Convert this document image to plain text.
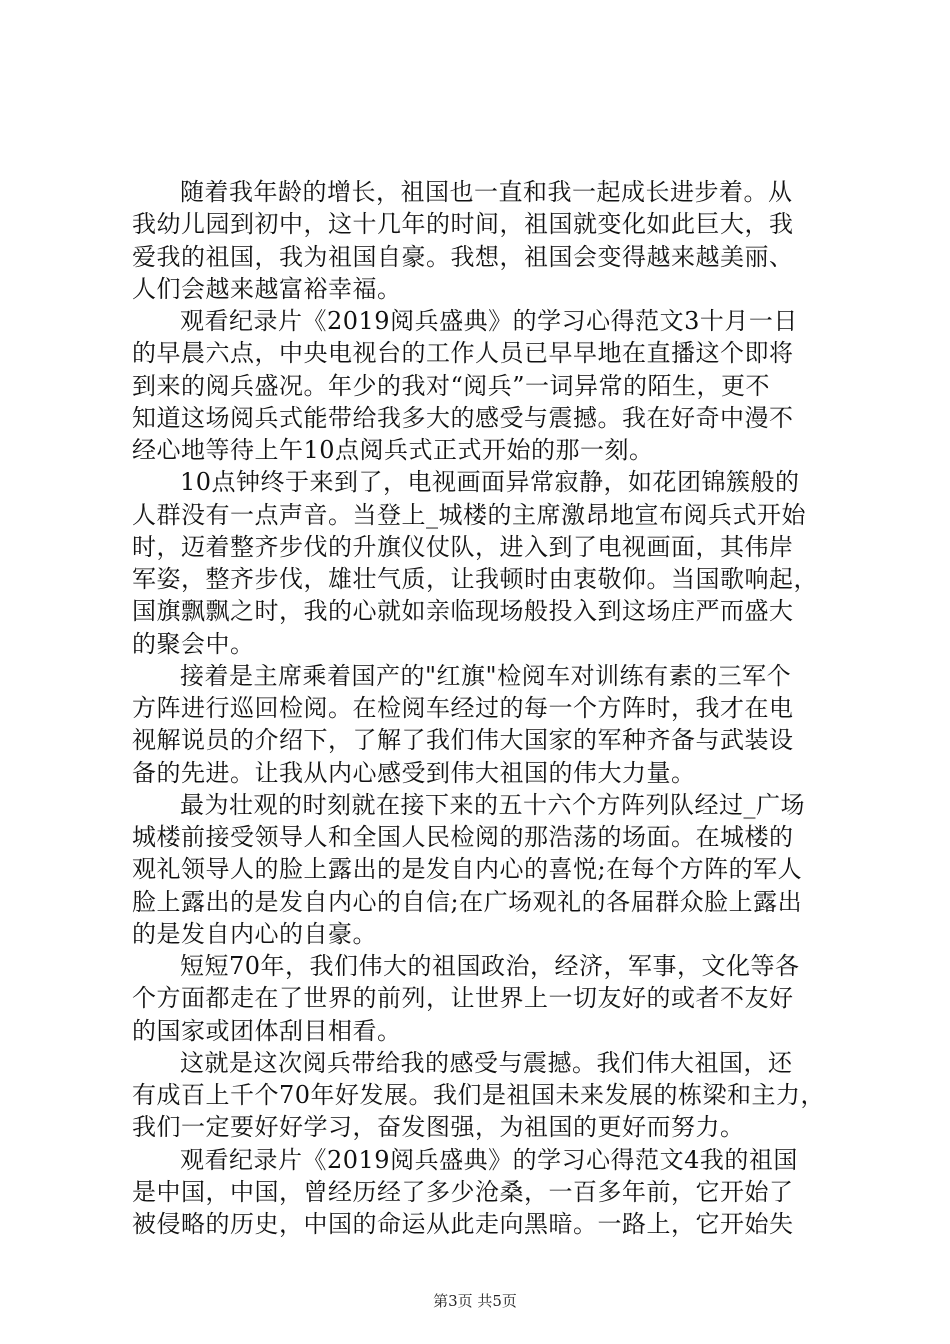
随着我年龄的增长，祖国也一直和我一起成长进步着。从
我幼儿园到初中，这十几年的时间，祖国就变化如此巨大，我
爱我的祖国，我为祖国自豪。我想，祖国会变得越来越美丽、
人们会越来越富裕幸福。
观看纪录片《2019阅兵盛典》的学习心得范文3十月一日
的早晨六点，中央电视台的工作人员已早早地在直播这个即将
到来的阅兵盛况。年少的我对“阅兵”一词异常的陌生，更不
知道这场阅兵式能带给我多大的感受与震撼。我在好奇中漫不
经心地等待上午10点阅兵式正式开始的那一刻。
10点钟终于来到了，电视画面异常寂静，如花团锦簇般的
人群没有一点声音。当登上_城楼的主席激昂地宣布阅兵式开始
时，迈着整齐步伐的升旗仪仗队，进入到了电视画面，其伟岸
军姿，整齐步伐，雄壮气质，让我顿时由衷敬仰。当国歌响起，
国旗飘飘之时，我的心就如亲临现场般投入到这场庄严而盛大
的聚会中。
接着是主席乘着国产的"红旗"检阅车对训练有素的三军个
方阵进行巡回检阅。在检阅车经过的每一个方阵时，我才在电
视解说员的介绍下，了解了我们伟大国家的军种齐备与武装设
备的先进。让我从内心感受到伟大祖国的伟大力量。
最为壮观的时刻就在接下来的五十六个方阵列队经过_广场
城楼前接受领导人和全国人民检阅的那浩荡的场面。在城楼的
观礼领导人的脸上露出的是发自内心的喜悦;在每个方阵的军人
脸上露出的是发自内心的自信;在广场观礼的各届群众脸上露出
的是发自内心的自豪。
短短70年，我们伟大的祖国政治，经济，军事，文化等各
个方面都走在了世界的前列，让世界上一切友好的或者不友好
的国家或团体刮目相看。
这就是这次阅兵带给我的感受与震撼。我们伟大祖国，还
有成百上千个70年好发展。我们是祖国未来发展的栋梁和主力，
我们一定要好好学习，奋发图强，为祖国的更好而努力。
观看纪录片《2019阅兵盛典》的学习心得范文4我的祖国
是中国，中国，曾经历经了多少沧桑，一百多年前，它开始了
被侵略的历史，中国的命运从此走向黑暗。一路上，它开始失
第3页 共5页
